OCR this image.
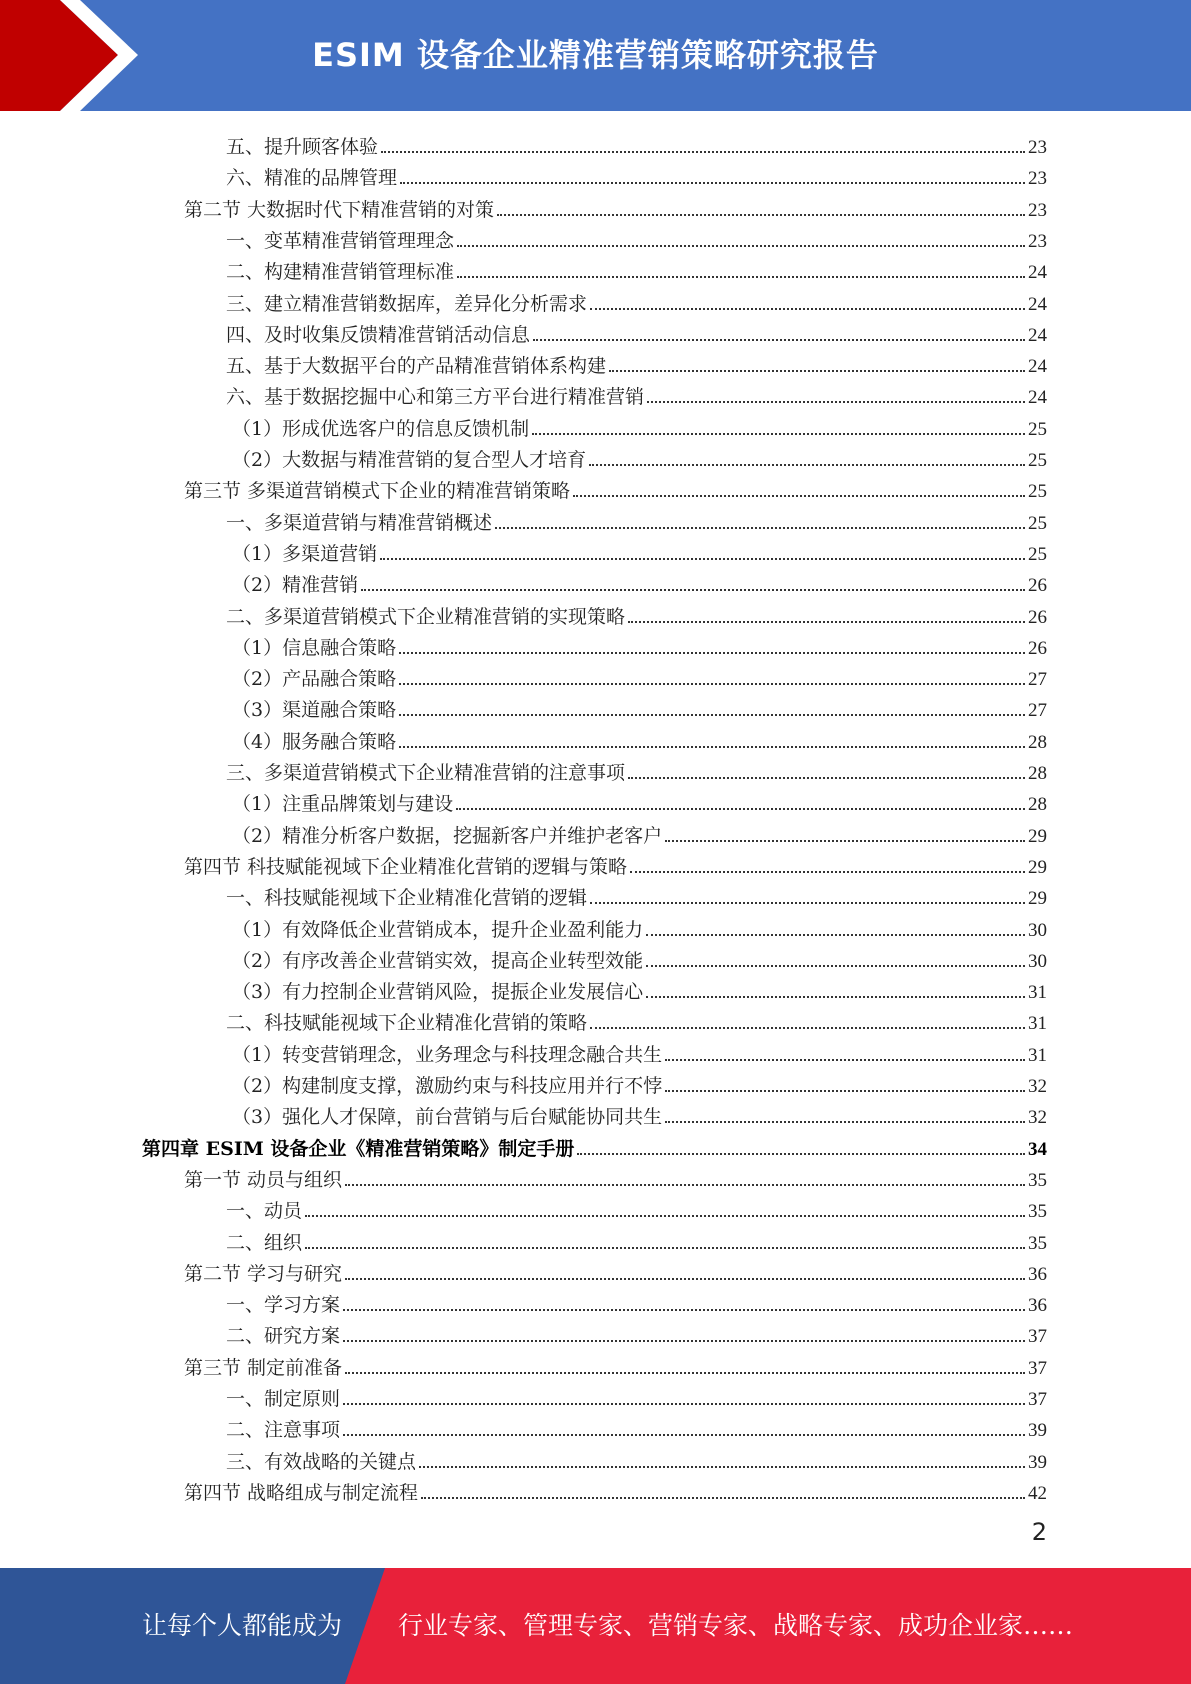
ESIM 设备企业精准营销策略研究报告
五、提升顾客体验	23
六、精准的品牌管理	23
第二节 大数据时代下精准营销的对策	23
一、变革精准营销管理理念	23
二、构建精准营销管理标准	24
三、建立精准营销数据库，差异化分析需求	24
四、及时收集反馈精准营销活动信息	24
五、基于大数据平台的产品精准营销体系构建	24
六、基于数据挖掘中心和第三方平台进行精准营销	24
（1）形成优选客户的信息反馈机制	25
（2）大数据与精准营销的复合型人才培育	25
第三节 多渠道营销模式下企业的精准营销策略	25
一、多渠道营销与精准营销概述	25
（1）多渠道营销	25
（2）精准营销	26
二、多渠道营销模式下企业精准营销的实现策略	26
（1）信息融合策略	26
（2）产品融合策略	27
（3）渠道融合策略	27
（4）服务融合策略	28
三、多渠道营销模式下企业精准营销的注意事项	28
（1）注重品牌策划与建设	28
（2）精准分析客户数据，挖掘新客户并维护老客户	29
第四节 科技赋能视域下企业精准化营销的逻辑与策略	29
一、科技赋能视域下企业精准化营销的逻辑	29
（1）有效降低企业营销成本，提升企业盈利能力	30
（2）有序改善企业营销实效，提高企业转型效能	30
（3）有力控制企业营销风险，提振企业发展信心	31
二、科技赋能视域下企业精准化营销的策略	31
（1）转变营销理念，业务理念与科技理念融合共生	31
（2）构建制度支撑，激励约束与科技应用并行不悖	32
（3）强化人才保障，前台营销与后台赋能协同共生	32
第四章 ESIM 设备企业《精准营销策略》制定手册	34
第一节 动员与组织	35
一、动员	35
二、组织	35
第二节 学习与研究	36
一、学习方案	36
二、研究方案	37
第三节 制定前准备	37
一、制定原则	37
二、注意事项	39
三、有效战略的关键点	39
第四节 战略组成与制定流程	42
2
让每个人都能成为 行业专家、管理专家、营销专家、战略专家、成功企业家……
